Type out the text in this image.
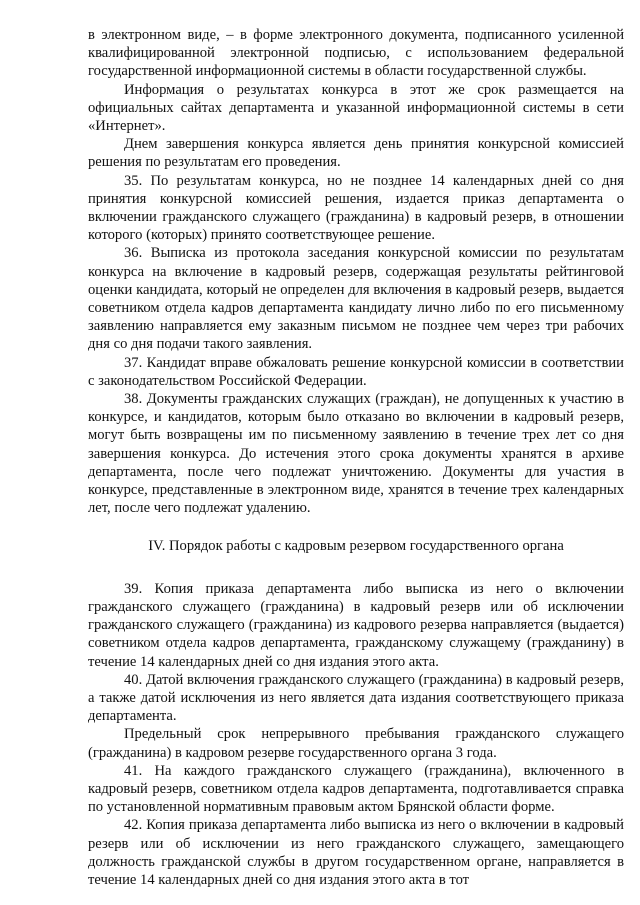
в электронном виде, – в форме электронного документа, подписанного усиленной квалифицированной электронной подписью, с использованием федеральной государственной информационной системы в области государственной службы.

Информация о результатах конкурса в этот же срок размещается на официальных сайтах департамента и указанной информационной системы в сети «Интернет».

Днем завершения конкурса является день принятия конкурсной комиссией решения по результатам его проведения.

35. По результатам конкурса, но не позднее 14 календарных дней со дня принятия конкурсной комиссией решения, издается приказ департамента о включении гражданского служащего (гражданина) в кадровый резерв, в отношении которого (которых) принято соответствующее решение.

36. Выписка из протокола заседания конкурсной комиссии по результатам конкурса на включение в кадровый резерв, содержащая результаты рейтинговой оценки кандидата, который не определен для включения в кадровый резерв, выдается советником отдела кадров департамента кандидату лично либо по его письменному заявлению направляется ему заказным письмом не позднее чем через три рабочих дня со дня подачи такого заявления.

37. Кандидат вправе обжаловать решение конкурсной комиссии в соответствии с законодательством Российской Федерации.

38. Документы гражданских служащих (граждан), не допущенных к участию в конкурсе, и кандидатов, которым было отказано во включении в кадровый резерв, могут быть возвращены им по письменному заявлению в течение трех лет со дня завершения конкурса. До истечения этого срока документы хранятся в архиве департамента, после чего подлежат уничтожению. Документы для участия в конкурсе, представленные в электронном виде, хранятся в течение трех календарных лет, после чего подлежат удалению.

IV. Порядок работы с кадровым резервом государственного органа

39. Копия приказа департамента либо выписка из него о включении гражданского служащего (гражданина) в кадровый резерв или об исключении гражданского служащего (гражданина) из кадрового резерва направляется (выдается) советником отдела кадров департамента, гражданскому служащему (гражданину) в течение 14 календарных дней со дня издания этого акта.

40. Датой включения гражданского служащего (гражданина) в кадровый резерв, а также датой исключения из него является дата издания соответствующего приказа департамента.

Предельный срок непрерывного пребывания гражданского служащего (гражданина) в кадровом резерве государственного органа 3 года.

41. На каждого гражданского служащего (гражданина), включенного в кадровый резерв, советником отдела кадров департамента, подготавливается справка по установленной нормативным правовым актом Брянской области форме.

42. Копия приказа департамента либо выписка из него о включении в кадровый резерв или об исключении из него гражданского служащего, замещающего должность гражданской службы в другом государственном органе, направляется в течение 14 календарных дней со дня издания этого акта в тот
